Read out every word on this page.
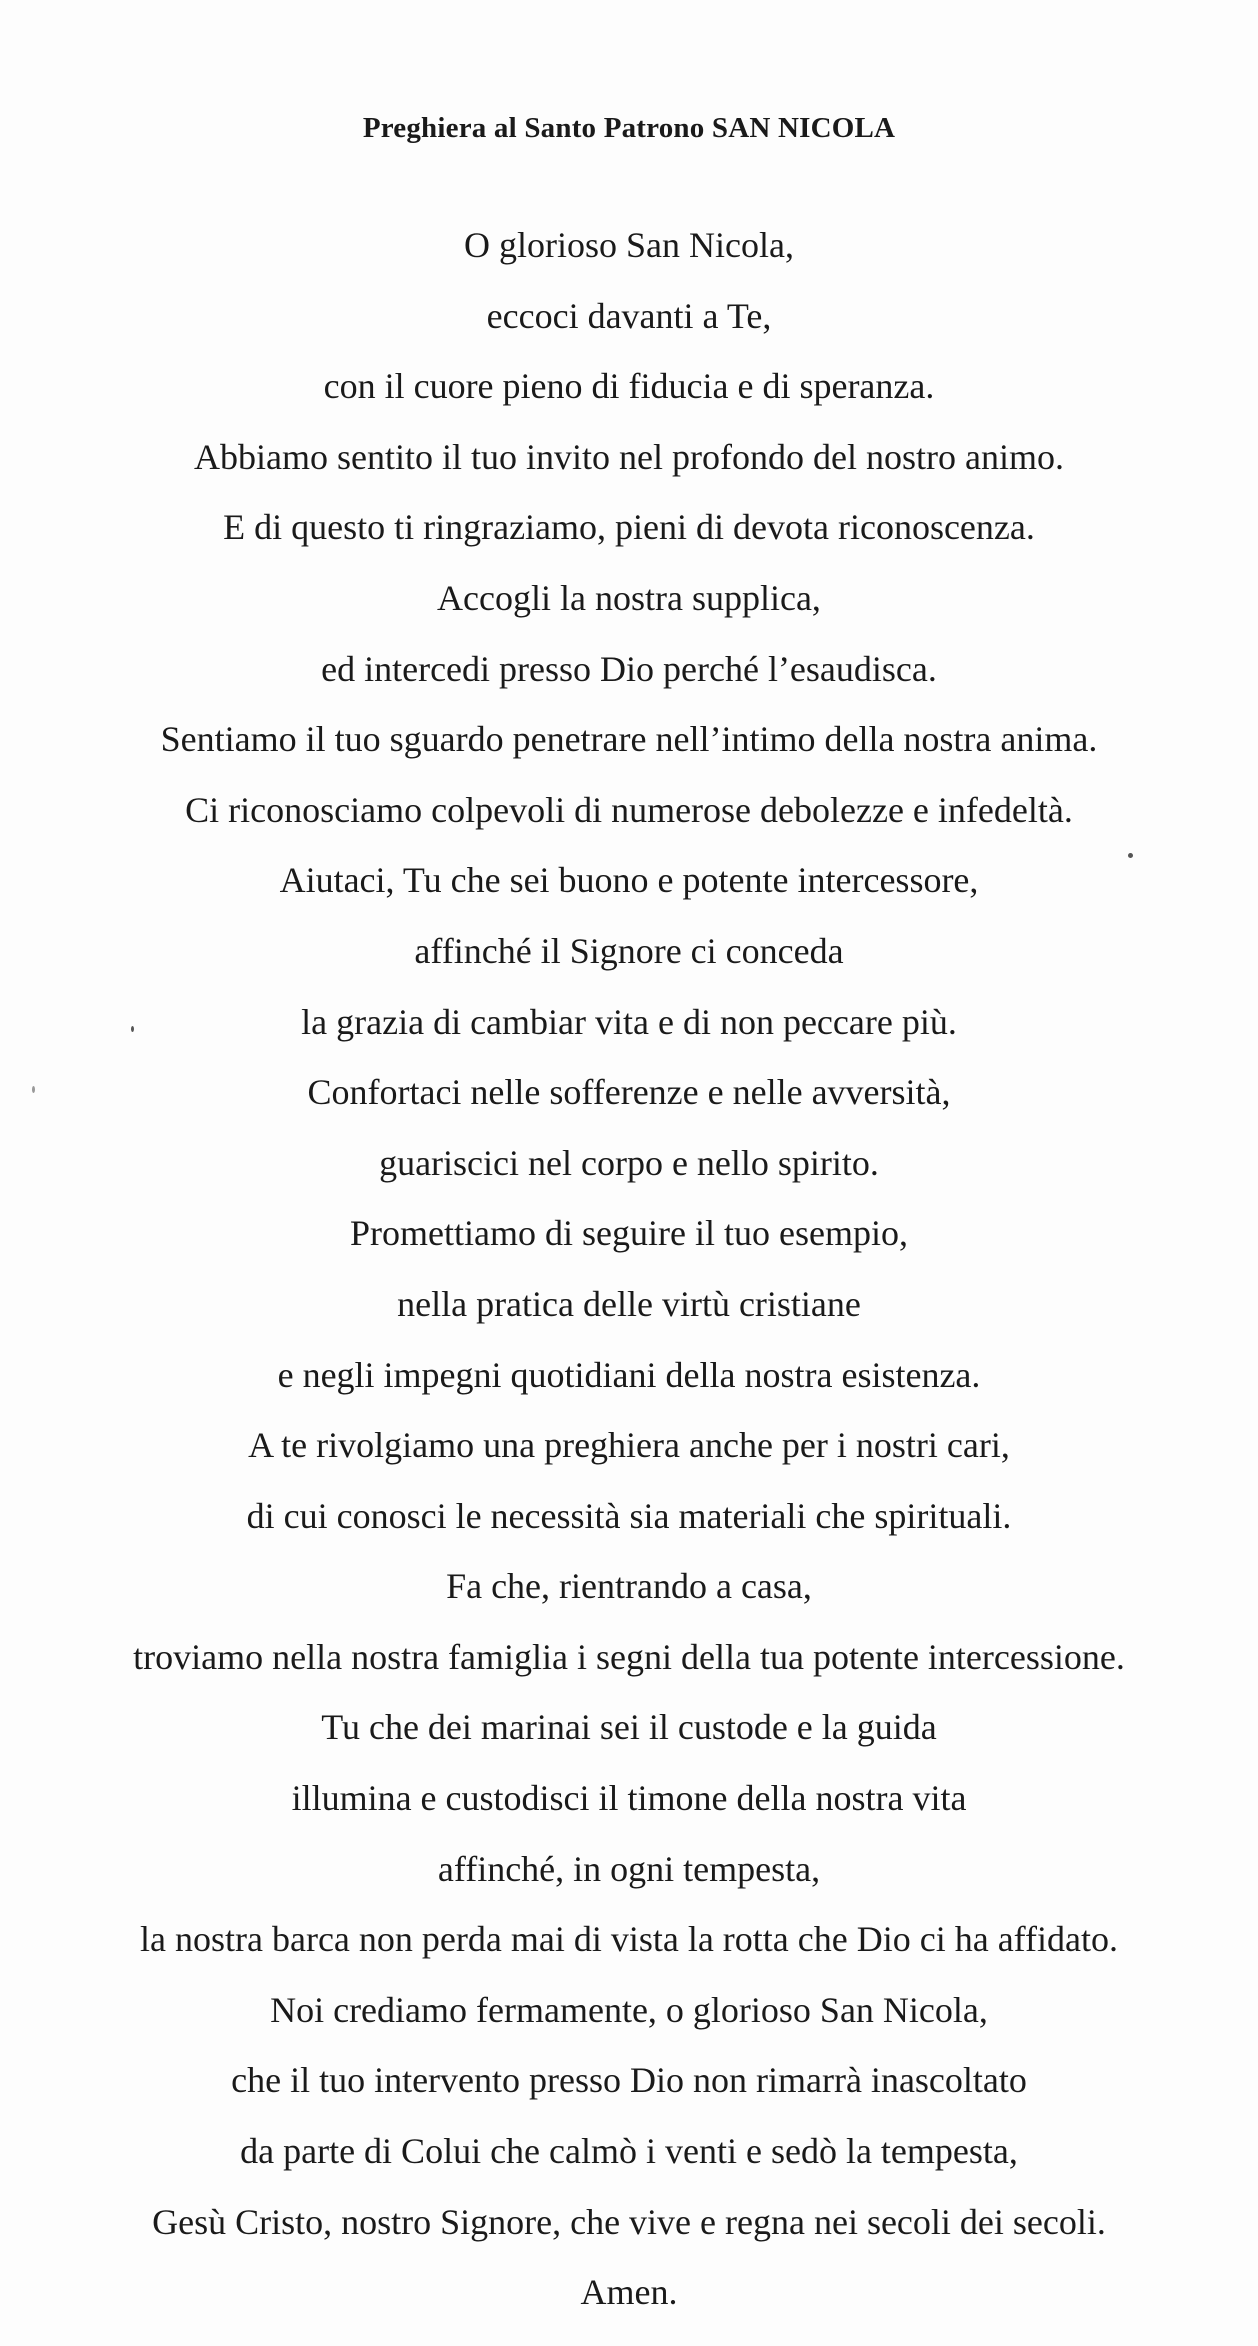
Preghiera al Santo Patrono SAN NICOLA
O glorioso San Nicola,
eccoci davanti a Te,
con il cuore pieno di fiducia e di speranza.
Abbiamo sentito il tuo invito nel profondo del nostro animo.
E di questo ti ringraziamo, pieni di devota riconoscenza.
Accogli la nostra supplica,
ed intercedi presso Dio perché l’esaudisca.
Sentiamo il tuo sguardo penetrare nell’intimo della nostra anima.
Ci riconosciamo colpevoli di numerose debolezze e infedeltà.
Aiutaci, Tu che sei buono e potente intercessore,
affinché il Signore ci conceda
la grazia di cambiar vita e di non peccare più.
Confortaci nelle sofferenze e nelle avversità,
guariscici nel corpo e nello spirito.
Promettiamo di seguire il tuo esempio,
nella pratica delle virtù cristiane
e negli impegni quotidiani della nostra esistenza.
A te rivolgiamo una preghiera anche per i nostri cari,
di cui conosci le necessità sia materiali che spirituali.
Fa che, rientrando a casa,
troviamo nella nostra famiglia i segni della tua potente intercessione.
Tu che dei marinai sei il custode e la guida
illumina e custodisci il timone della nostra vita
affinché, in ogni tempesta,
la nostra barca non perda mai di vista la rotta che Dio ci ha affidato.
Noi crediamo fermamente, o glorioso San Nicola,
che il tuo intervento presso Dio non rimarrà inascoltato
da parte di Colui che calmò i venti e sedò la tempesta,
Gesù Cristo, nostro Signore, che vive e regna nei secoli dei secoli.
Amen.
